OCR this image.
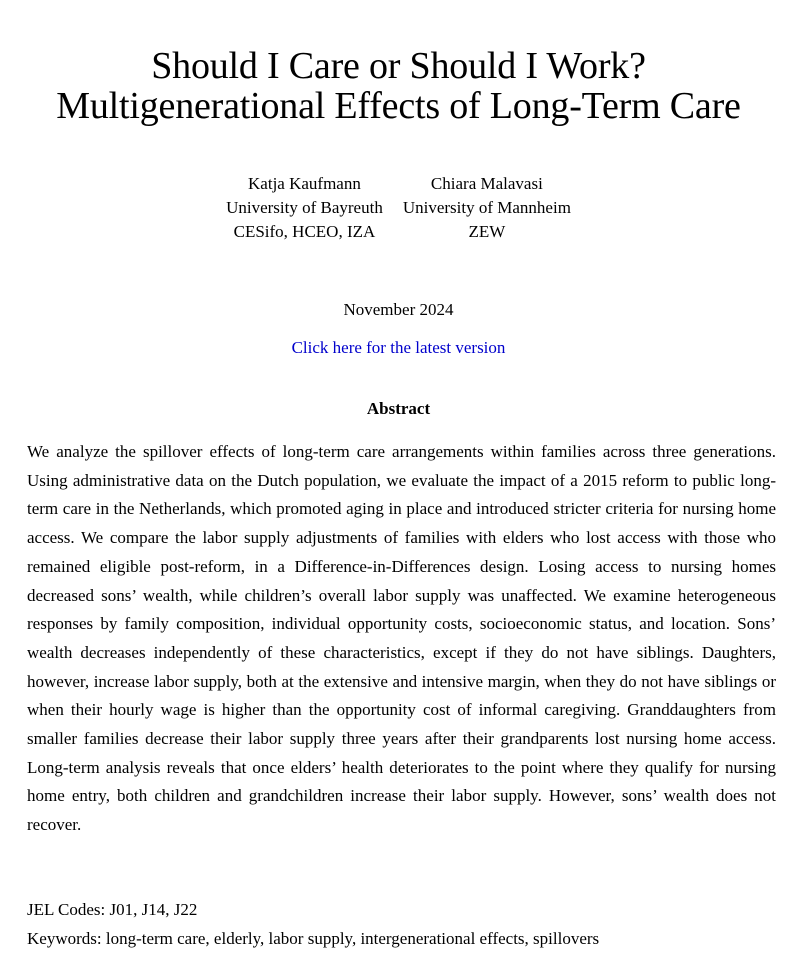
Should I Care or Should I Work?
Multigenerational Effects of Long-Term Care
Katja Kaufmann
University of Bayreuth
CESifo, HCEO, IZA
Chiara Malavasi
University of Mannheim
ZEW
November 2024
Click here for the latest version
Abstract

We analyze the spillover effects of long-term care arrangements within families across three generations. Using administrative data on the Dutch population, we evaluate the impact of a 2015 reform to public long-term care in the Netherlands, which promoted aging in place and introduced stricter criteria for nursing home access. We compare the labor supply adjustments of families with elders who lost access with those who remained eligible post-reform, in a Difference-in-Differences design. Losing access to nursing homes decreased sons’ wealth, while children’s overall labor supply was unaffected. We examine heterogeneous responses by family composition, individual opportunity costs, socioeconomic status, and location. Sons’ wealth decreases independently of these characteristics, except if they do not have siblings. Daughters, however, increase labor supply, both at the extensive and intensive margin, when they do not have siblings or when their hourly wage is higher than the opportunity cost of informal caregiving. Granddaughters from smaller families decrease their labor supply three years after their grandparents lost nursing home access. Long-term analysis reveals that once elders’ health deteriorates to the point where they qualify for nursing home entry, both children and grandchildren increase their labor supply. However, sons’ wealth does not recover.

JEL Codes: J01, J14, J22
Keywords: long-term care, elderly, labor supply, intergenerational effects, spillovers
